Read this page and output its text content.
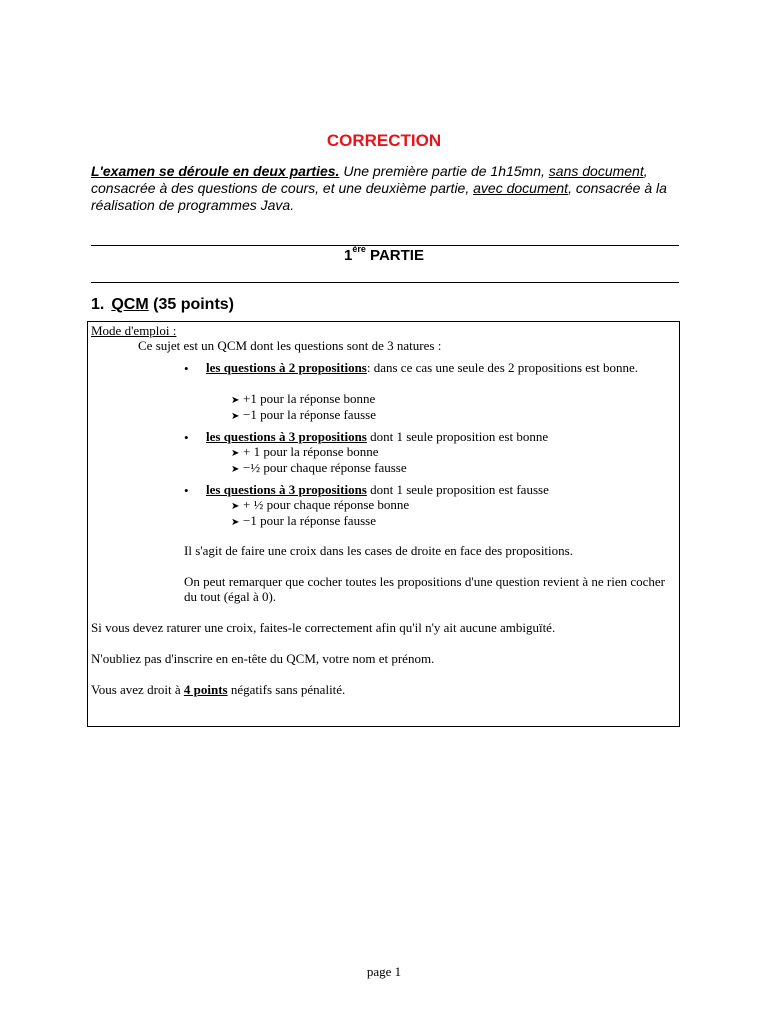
CORRECTION
L'examen se déroule en deux parties. Une première partie de 1h15mn, sans document, consacrée à des questions de cours, et une deuxième partie, avec document, consacrée à la réalisation de programmes Java.
1ère PARTIE
1. QCM (35 points)
Mode d'emploi :
Ce sujet est un QCM dont les questions sont de 3 natures :
• les questions à 2 propositions: dans ce cas une seule des 2 propositions est bonne.
➤ +1 pour la réponse bonne
➤ −1 pour la réponse fausse
• les questions à 3 propositions dont 1 seule proposition est bonne
➤ + 1 pour la réponse bonne
➤ −½ pour chaque réponse fausse
• les questions à 3 propositions dont 1 seule proposition est fausse
➤ + ½ pour chaque réponse bonne
➤ −1 pour la réponse fausse
Il s'agit de faire une croix dans les cases de droite en face des propositions.
On peut remarquer que cocher toutes les propositions d'une question revient à ne rien cocher du tout (égal à 0).
Si vous devez raturer une croix, faites-le correctement afin qu'il n'y ait aucune ambiguïté.
N'oubliez pas d'inscrire en en-tête du QCM, votre nom et prénom.
Vous avez droit à 4 points négatifs sans pénalité.
page 1
